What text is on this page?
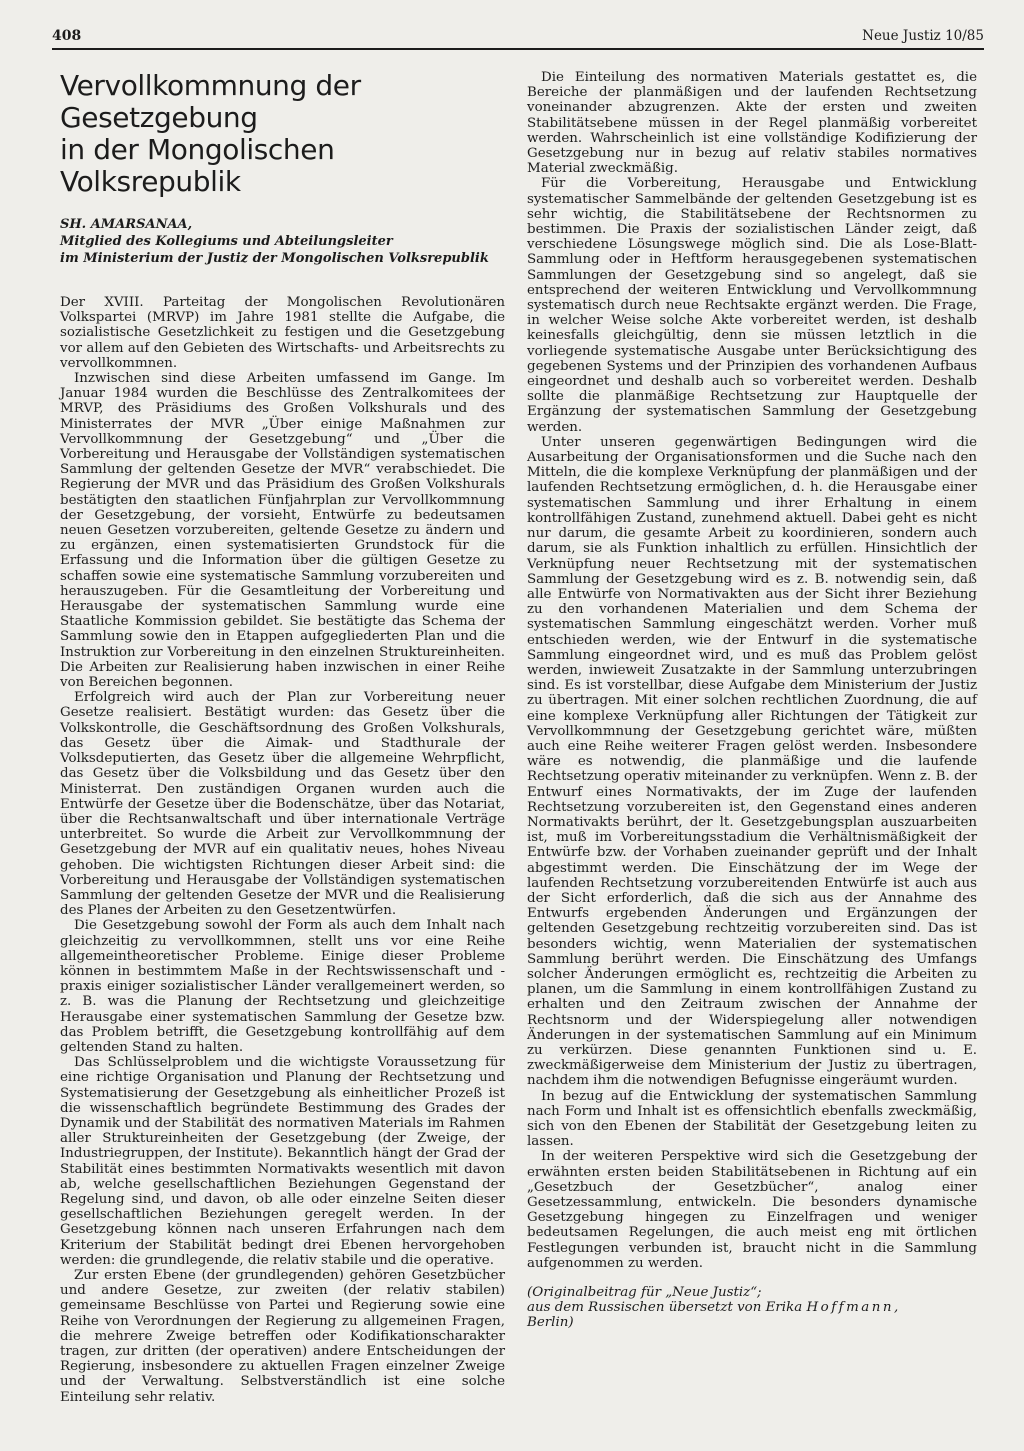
408	Neue Justiz 10/85
Vervollkommnung der Gesetzgebung
in der Mongolischen Volksrepublik
SH. AMARSANAA,
Mitglied des Kollegiums und Abteilungsleiter
im Ministerium der Justiz der Mongolischen Volksrepublik

Der XVIII. Parteitag der Mongolischen Revolutionären Volkspartei (MRVP) im Jahre 1981 stellte die Aufgabe, die sozialistische Gesetzlichkeit zu festigen und die Gesetzgebung vor allem auf den Gebieten des Wirtschafts- und Arbeitsrechts zu vervollkommnen.

Inzwischen sind diese Arbeiten umfassend im Gange. Im Januar 1984 wurden die Beschlüsse des Zentralkomitees der MRVP, des Präsidiums des Großen Volkshurals und des Ministerrates der MVR „Über einige Maßnahmen zur Vervollkommnung der Gesetzgebung“ und „Über die Vorbereitung und Herausgabe der Vollständigen systematischen Sammlung der geltenden Gesetze der MVR“ verabschiedet. Die Regierung der MVR und das Präsidium des Großen Volkshurals bestätigten den staatlichen Fünfjahrplan zur Vervollkommnung der Gesetzgebung, der vorsieht, Entwürfe zu bedeutsamen neuen Gesetzen vorzubereiten, geltende Gesetze zu ändern und zu ergänzen, einen systematisierten Grundstock für die Erfassung und die Information über die gültigen Gesetze zu schaffen sowie eine systematische Sammlung vorzubereiten und herauszugeben. Für die Gesamtleitung der Vorbereitung und Herausgabe der systematischen Sammlung wurde eine Staatliche Kommission gebildet. Sie bestätigte das Schema der Sammlung sowie den in Etappen aufgegliederten Plan und die Instruktion zur Vorbereitung in den einzelnen Struktureinheiten. Die Arbeiten zur Realisierung haben inzwischen in einer Reihe von Bereichen begonnen.

Erfolgreich wird auch der Plan zur Vorbereitung neuer Gesetze realisiert. Bestätigt wurden: das Gesetz über die Volkskontrolle, die Geschäftsordnung des Großen Volkshurals, das Gesetz über die Aimak- und Stadthurale der Volksdeputierten, das Gesetz über die allgemeine Wehrpflicht, das Gesetz über die Volksbildung und das Gesetz über den Ministerrat. Den zuständigen Organen wurden auch die Entwürfe der Gesetze über die Bodenschätze, über das Notariat, über die Rechtsanwaltschaft und über internationale Verträge unterbreitet. So wurde die Arbeit zur Vervollkommnung der Gesetzgebung der MVR auf ein qualitativ neues, hohes Niveau gehoben. Die wichtigsten Richtungen dieser Arbeit sind: die Vorbereitung und Herausgabe der Vollständigen systematischen Sammlung der geltenden Gesetze der MVR und die Realisierung des Planes der Arbeiten zu den Gesetzentwürfen.

Die Gesetzgebung sowohl der Form als auch dem Inhalt nach gleichzeitig zu vervollkommnen, stellt uns vor eine Reihe allgemeintheoretischer Probleme. Einige dieser Probleme können in bestimmtem Maße in der Rechtswissenschaft und -praxis einiger sozialistischer Länder verallgemeinert werden, so z. B. was die Planung der Rechtsetzung und gleichzeitige Herausgabe einer systematischen Sammlung der Gesetze bzw. das Problem betrifft, die Gesetzgebung kontrollfähig auf dem geltenden Stand zu halten.

Das Schlüsselproblem und die wichtigste Voraussetzung für eine richtige Organisation und Planung der Rechtsetzung und Systematisierung der Gesetzgebung als einheitlicher Prozeß ist die wissenschaftlich begründete Bestimmung des Grades der Dynamik und der Stabilität des normativen Materials im Rahmen aller Struktureinheiten der Gesetzgebung (der Zweige, der Industriegruppen, der Institute). Bekanntlich hängt der Grad der Stabilität eines bestimmten Normativakts wesentlich mit davon ab, welche gesellschaftlichen Beziehungen Gegenstand der Regelung sind, und davon, ob alle oder einzelne Seiten dieser gesellschaftlichen Beziehungen geregelt werden. In der Gesetzgebung können nach unseren Erfahrungen nach dem Kriterium der Stabilität bedingt drei Ebenen hervorgehoben werden: die grundlegende, die relativ stabile und die operative.

Zur ersten Ebene (der grundlegenden) gehören Gesetzbücher und andere Gesetze, zur zweiten (der relativ stabilen) gemeinsame Beschlüsse von Partei und Regierung sowie eine Reihe von Verordnungen der Regierung zu allgemeinen Fragen, die mehrere Zweige betreffen oder Kodifikationscharakter tragen, zur dritten (der operativen) andere Entscheidungen der Regierung, insbesondere zu aktuellen Fragen einzelner Zweige und der Verwaltung. Selbstverständlich ist eine solche Einteilung sehr relativ.

Die Einteilung des normativen Materials gestattet es, die Bereiche der planmäßigen und der laufenden Rechtsetzung voneinander abzugrenzen. Akte der ersten und zweiten Stabilitätsebene müssen in der Regel planmäßig vorbereitet werden. Wahrscheinlich ist eine vollständige Kodifizierung der Gesetzgebung nur in bezug auf relativ stabiles normatives Material zweckmäßig.

Für die Vorbereitung, Herausgabe und Entwicklung systematischer Sammelbände der geltenden Gesetzgebung ist es sehr wichtig, die Stabilitätsebene der Rechtsnormen zu bestimmen. Die Praxis der sozialistischen Länder zeigt, daß verschiedene Lösungswege möglich sind. Die als Lose-Blatt-Sammlung oder in Heftform herausgegebenen systematischen Sammlungen der Gesetzgebung sind so angelegt, daß sie entsprechend der weiteren Entwicklung und Vervollkommnung systematisch durch neue Rechtsakte ergänzt werden. Die Frage, in welcher Weise solche Akte vorbereitet werden, ist deshalb keinesfalls gleichgültig, denn sie müssen letztlich in die vorliegende systematische Ausgabe unter Berücksichtigung des gegebenen Systems und der Prinzipien des vorhandenen Aufbaus eingeordnet und deshalb auch so vorbereitet werden. Deshalb sollte die planmäßige Rechtsetzung zur Hauptquelle der Ergänzung der systematischen Sammlung der Gesetzgebung werden.

Unter unseren gegenwärtigen Bedingungen wird die Ausarbeitung der Organisationsformen und die Suche nach den Mitteln, die die komplexe Verknüpfung der planmäßigen und der laufenden Rechtsetzung ermöglichen, d. h. die Herausgabe einer systematischen Sammlung und ihrer Erhaltung in einem kontrollfähigen Zustand, zunehmend aktuell. Dabei geht es nicht nur darum, die gesamte Arbeit zu koordinieren, sondern auch darum, sie als Funktion inhaltlich zu erfüllen. Hinsichtlich der Verknüpfung neuer Rechtsetzung mit der systematischen Sammlung der Gesetzgebung wird es z. B. notwendig sein, daß alle Entwürfe von Normativakten aus der Sicht ihrer Beziehung zu den vorhandenen Materialien und dem Schema der systematischen Sammlung eingeschätzt werden. Vorher muß entschieden werden, wie der Entwurf in die systematische Sammlung eingeordnet wird, und es muß das Problem gelöst werden, inwieweit Zusatzakte in der Sammlung unterzubringen sind. Es ist vorstellbar, diese Aufgabe dem Ministerium der Justiz zu übertragen. Mit einer solchen rechtlichen Zuordnung, die auf eine komplexe Verknüpfung aller Richtungen der Tätigkeit zur Vervollkommnung der Gesetzgebung gerichtet wäre, müßten auch eine Reihe weiterer Fragen gelöst werden. Insbesondere wäre es notwendig, die planmäßige und die laufende Rechtsetzung operativ miteinander zu verknüpfen. Wenn z. B. der Entwurf eines Normativakts, der im Zuge der laufenden Rechtsetzung vorzubereiten ist, den Gegenstand eines anderen Normativakts berührt, der lt. Gesetzgebungsplan auszuarbeiten ist, muß im Vorbereitungsstadium die Verhältnismäßigkeit der Entwürfe bzw. der Vorhaben zueinander geprüft und der Inhalt abgestimmt werden. Die Einschätzung der im Wege der laufenden Rechtsetzung vorzubereitenden Entwürfe ist auch aus der Sicht erforderlich, daß die sich aus der Annahme des Entwurfs ergebenden Änderungen und Ergänzungen der geltenden Gesetzgebung rechtzeitig vorzubereiten sind. Das ist besonders wichtig, wenn Materialien der systematischen Sammlung berührt werden. Die Einschätzung des Umfangs solcher Änderungen ermöglicht es, rechtzeitig die Arbeiten zu planen, um die Sammlung in einem kontrollfähigen Zustand zu erhalten und den Zeitraum zwischen der Annahme der Rechtsnorm und der Widerspiegelung aller notwendigen Änderungen in der systematischen Sammlung auf ein Minimum zu verkürzen. Diese genannten Funktionen sind u. E. zweckmäßigerweise dem Ministerium der Justiz zu übertragen, nachdem ihm die notwendigen Befugnisse eingeräumt wurden.

In bezug auf die Entwicklung der systematischen Sammlung nach Form und Inhalt ist es offensichtlich ebenfalls zweckmäßig, sich von den Ebenen der Stabilität der Gesetzgebung leiten zu lassen.

In der weiteren Perspektive wird sich die Gesetzgebung der erwähnten ersten beiden Stabilitätsebenen in Richtung auf ein „Gesetzbuch der Gesetzbücher“, analog einer Gesetzessammlung, entwickeln. Die besonders dynamische Gesetzgebung hingegen zu Einzelfragen und weniger bedeutsamen Regelungen, die auch meist eng mit örtlichen Festlegungen verbunden ist, braucht nicht in die Sammlung aufgenommen zu werden.

(Originalbeitrag für „Neue Justiz“;
aus dem Russischen übersetzt von Erika Hoffmann,
Berlin)
